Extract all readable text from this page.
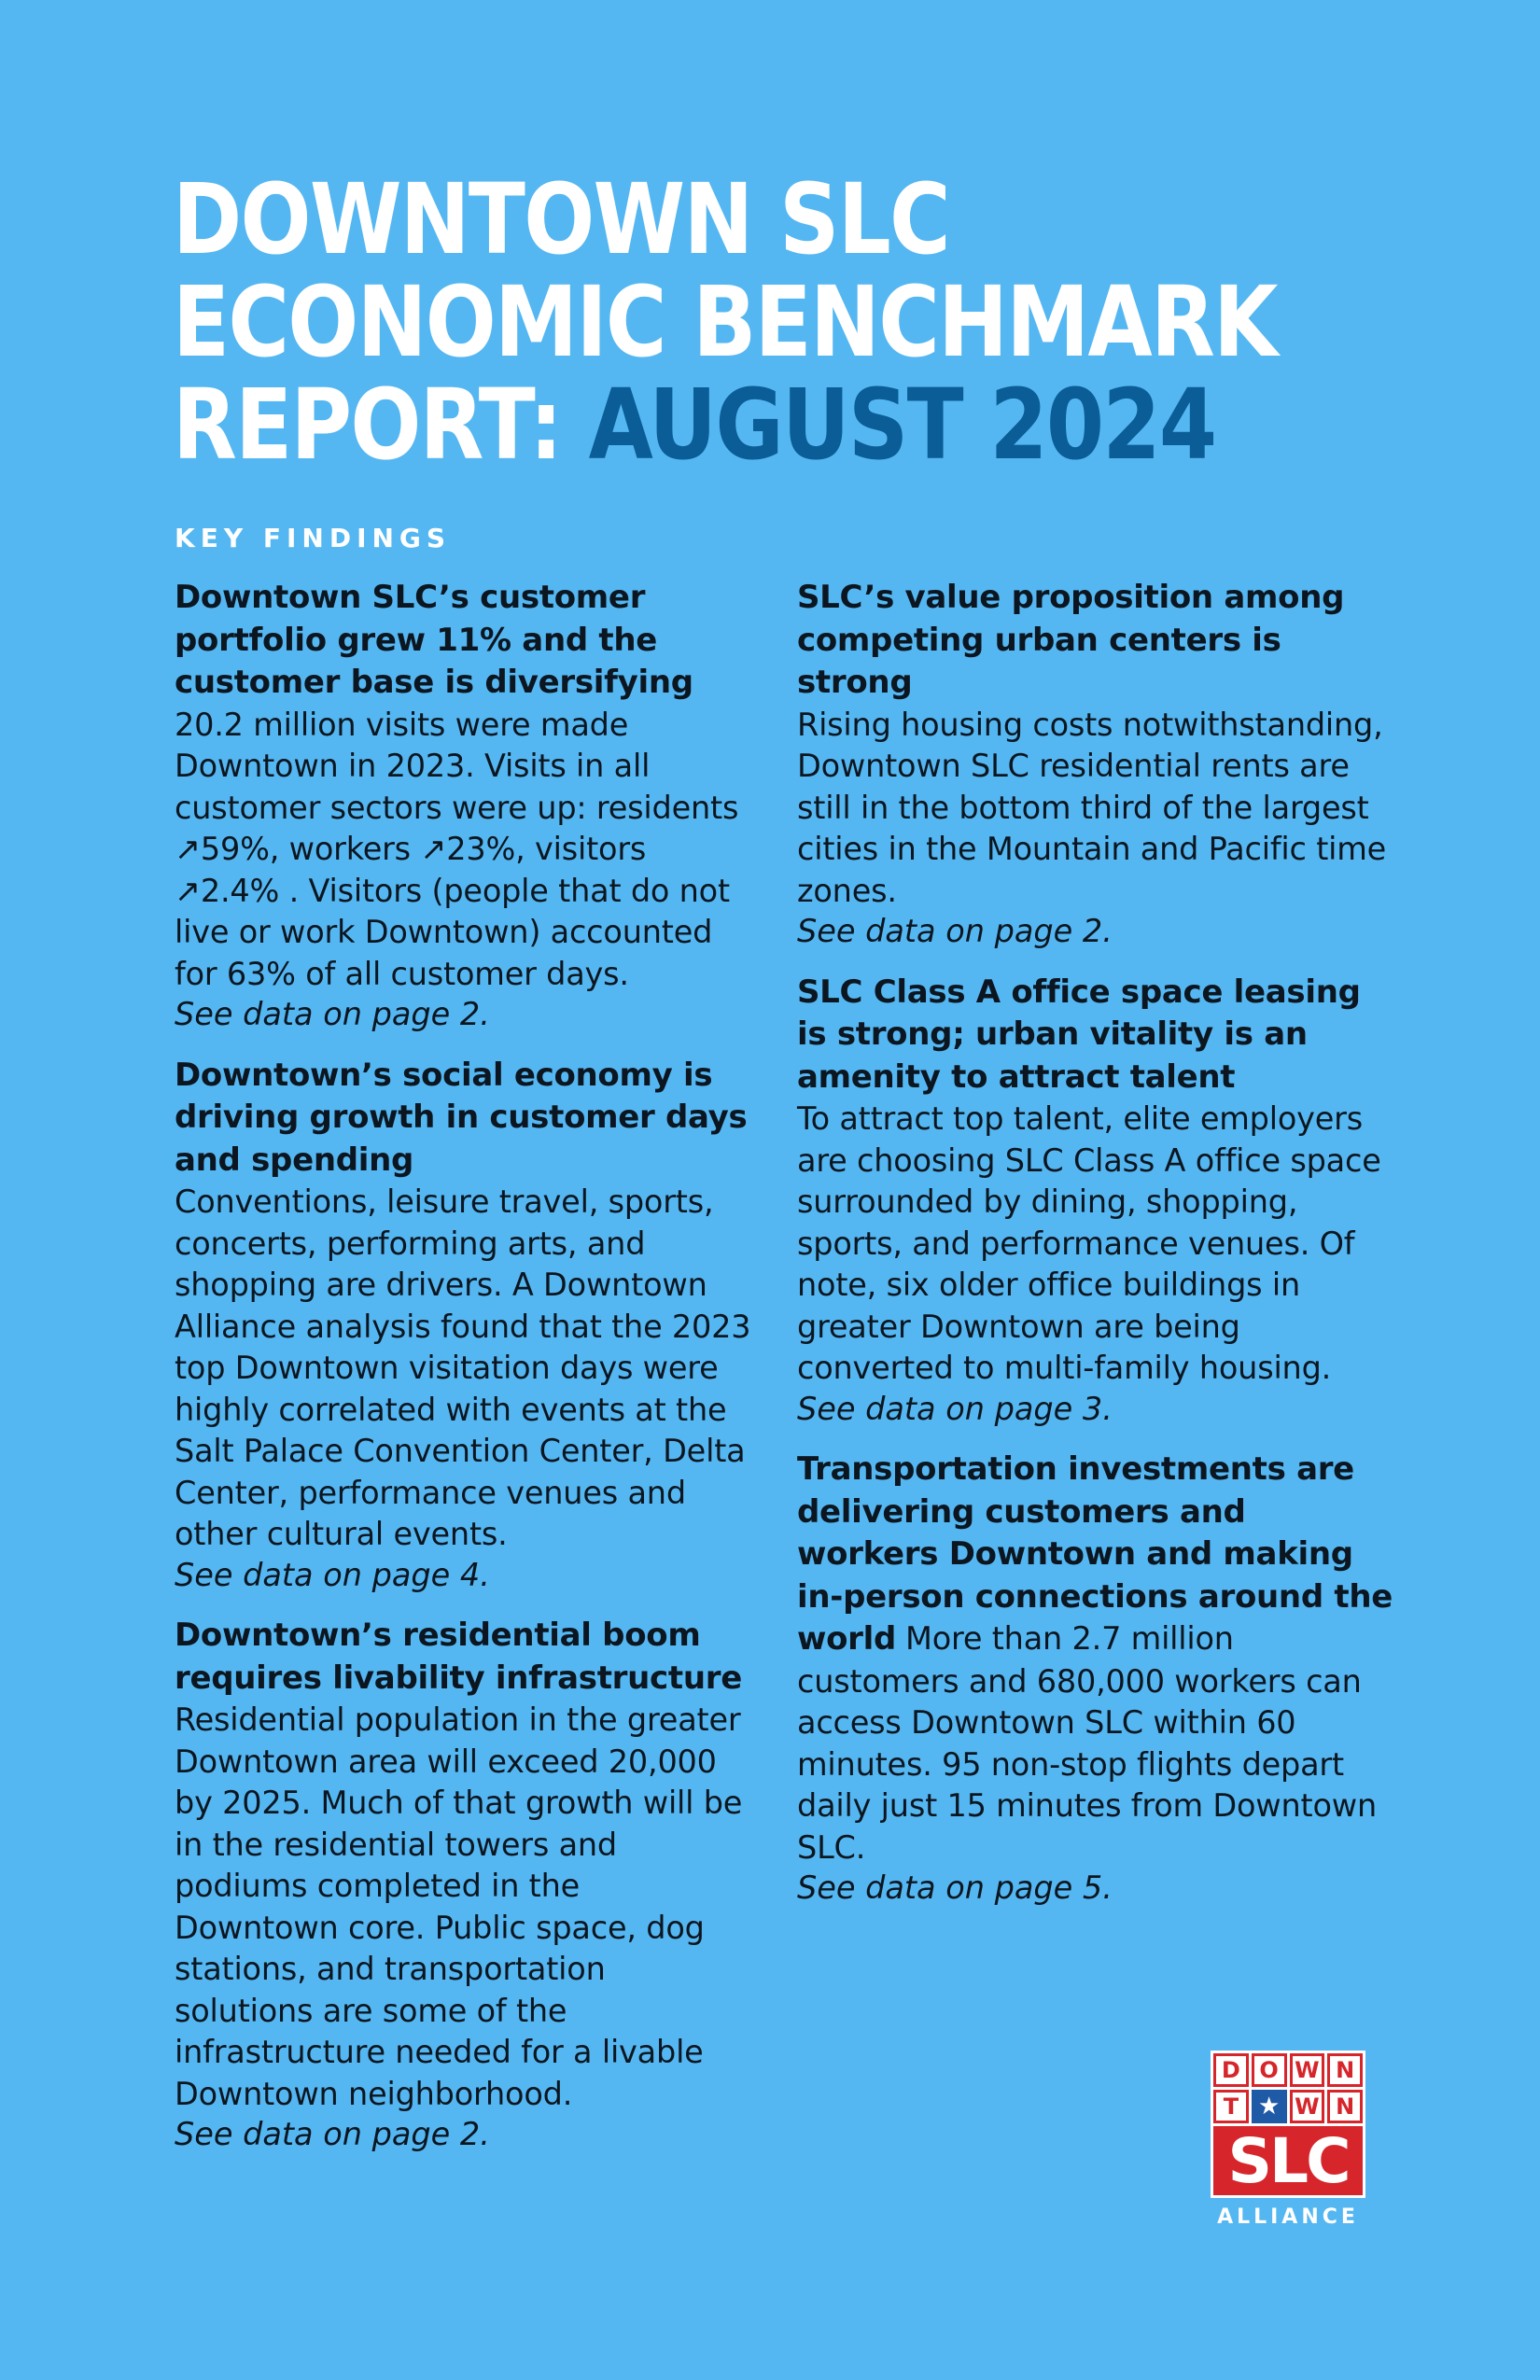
DOWNTOWN SLC
ECONOMIC BENCHMARK
REPORT: AUGUST 2024
KEY FINDINGS
Downtown SLC’s customer portfolio grew 11% and the customer base is diversifying
20.2 million visits were made Downtown in 2023. Visits in all customer sectors were up: residents ↗59%, workers ↗23%, visitors ↗2.4% . Visitors (people that do not live or work Downtown) accounted for 63% of all customer days.
See data on page 2.
Downtown’s social economy is driving growth in customer days and spending
Conventions, leisure travel, sports, concerts, performing arts, and shopping are drivers. A Downtown Alliance analysis found that the 2023 top Downtown visitation days were highly correlated with events at the Salt Palace Convention Center, Delta Center, performance venues and other cultural events.
See data on page 4.
Downtown’s residential boom requires livability infrastructure
Residential population in the greater Downtown area will exceed 20,000 by 2025. Much of that growth will be in the residential towers and podiums completed in the Downtown core. Public space, dog stations, and transportation solutions are some of the infrastructure needed for a livable Downtown neighborhood.
See data on page 2.
SLC’s value proposition among competing urban centers is strong
Rising housing costs notwithstanding, Downtown SLC residential rents are still in the bottom third of the largest cities in the Mountain and Pacific time zones.
See data on page 2.
SLC Class A office space leasing is strong; urban vitality is an amenity to attract talent
To attract top talent, elite employers are choosing SLC Class A office space surrounded by dining, shopping, sports, and performance venues. Of note, six older office buildings in greater Downtown are being converted to multi-family housing.
See data on page 3.
Transportation investments are delivering customers and workers Downtown and making in-person connections around the world More than 2.7 million customers and 680,000 workers can access Downtown SLC within 60 minutes. 95 non-stop flights depart daily just 15 minutes from Downtown SLC.
See data on page 5.
D O W N
T ★ W N
SLC
ALLIANCE
